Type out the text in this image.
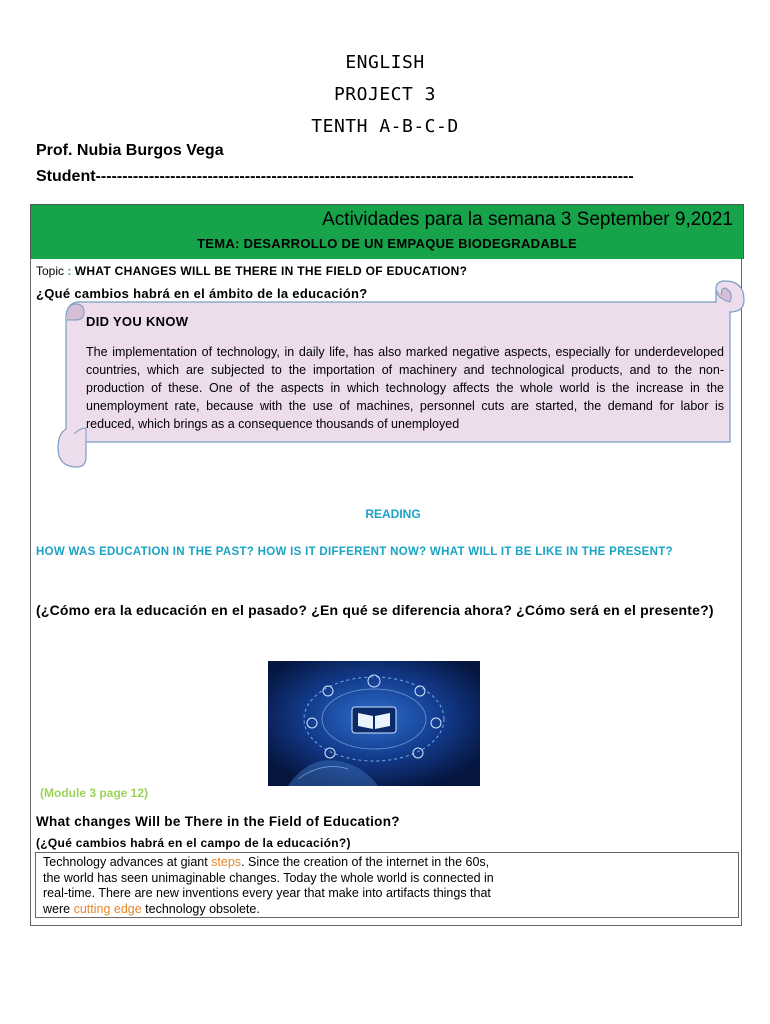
ENGLISH
PROJECT 3
TENTH A-B-C-D
Prof. Nubia Burgos Vega
Student-----------------------------------------------------------------------------------------------------
Actividades para la semana 3 September 9,2021
TEMA: DESARROLLO DE UN EMPAQUE BIODEGRADABLE
Topic : WHAT CHANGES WILL BE THERE IN THE FIELD OF EDUCATION?
¿Qué cambios habrá en el ámbito de la educación?
DID YOU KNOW
The implementation of technology, in daily life, has also marked negative aspects, especially for underdeveloped countries, which are subjected to the importation of machinery and technological products, and to the non-production of these. One of the aspects in which technology affects the whole world is the increase in the unemployment rate, because with the use of machines, personnel cuts are started, the demand for labor is reduced, which brings as a consequence thousands of unemployed
READING
HOW WAS EDUCATION IN THE PAST? HOW IS IT DIFFERENT NOW? WHAT WILL IT BE LIKE IN THE PRESENT?
(¿Cómo era la educación en el pasado? ¿En qué se diferencia ahora? ¿Cómo será en el presente?)
(Module 3 page 12)
What changes Will be There in the Field of Education?
(¿Qué cambios habrá en el campo de la educación?)
Technology advances at giant steps. Since the creation of the internet in the 60s, the world has seen unimaginable changes. Today the whole world is connected in real-time. There are new inventions every year that make into artifacts things that were cutting edge technology obsolete.
